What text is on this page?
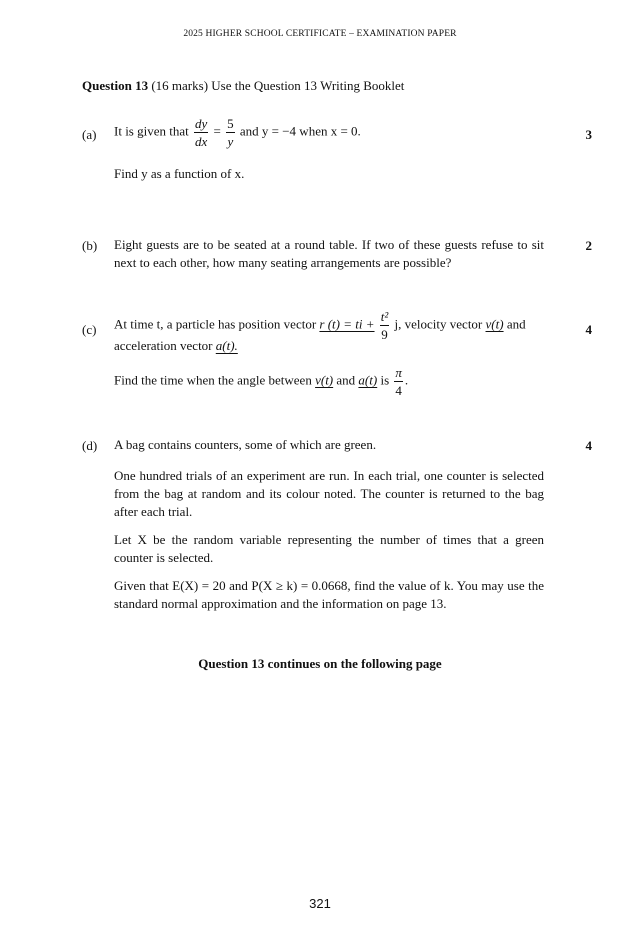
2025 HIGHER SCHOOL CERTIFICATE – EXAMINATION PAPER
Question 13 (16 marks) Use the Question 13 Writing Booklet
(a)	3
It is given that $\frac{dy}{dx} = \frac{5}{y}$ and y = −4 when x = 0.
Find y as a function of x.
(b)	2
Eight guests are to be seated at a round table. If two of these guests refuse to sit next to each other, how many seating arrangements are possible?
(c)	4
At time t, a particle has position vector r (t) = ti + $\frac{\text{t²}}{9} j$, velocity vector v(t) and
acceleration vector a(t).
Find the time when the angle between v(t) and a(t) is $\frac{\pi}{4}$ .
(d)	4
A bag contains counters, some of which are green.
One hundred trials of an experiment are run. In each trial, one counter is selected from the bag at random and its colour noted. The counter is returned to the bag after each trial.
Let X be the random variable representing the number of times that a green counter is selected.
Given that E(X) = 20 and P(X ≥ k) = 0.0668, find the value of k. You may use the standard normal approximation and the information on page 13.
Question 13 continues on the following page
321
